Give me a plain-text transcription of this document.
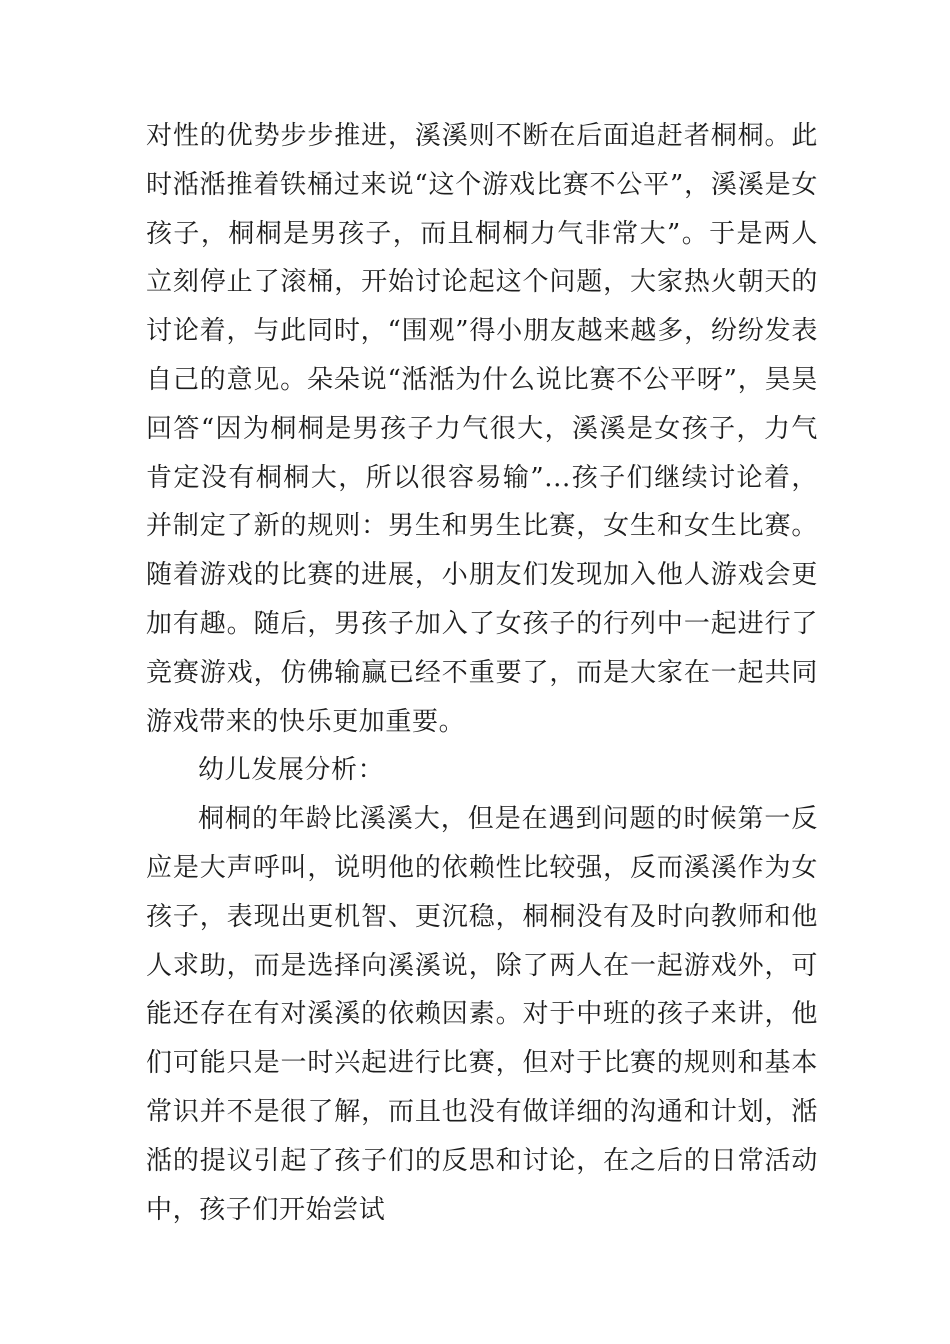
对性的优势步步推进，溪溪则不断在后面追赶者桐桐。此时湉湉推着铁桶过来说“这个游戏比赛不公平”，溪溪是女孩子，桐桐是男孩子，而且桐桐力气非常大”。于是两人立刻停止了滚桶，开始讨论起这个问题，大家热火朝天的讨论着，与此同时，“围观”得小朋友越来越多，纷纷发表自己的意见。朵朵说“湉湉为什么说比赛不公平呀”，昊昊回答“因为桐桐是男孩子力气很大，溪溪是女孩子，力气肯定没有桐桐大，所以很容易输”...孩子们继续讨论着，并制定了新的规则：男生和男生比赛，女生和女生比赛。随着游戏的比赛的进展，小朋友们发现加入他人游戏会更加有趣。随后，男孩子加入了女孩子的行列中一起进行了竞赛游戏，仿佛输赢已经不重要了，而是大家在一起共同游戏带来的快乐更加重要。

幼儿发展分析：

桐桐的年龄比溪溪大，但是在遇到问题的时候第一反应是大声呼叫，说明他的依赖性比较强，反而溪溪作为女孩子，表现出更机智、更沉稳，桐桐没有及时向教师和他人求助，而是选择向溪溪说，除了两人在一起游戏外，可能还存在有对溪溪的依赖因素。对于中班的孩子来讲，他们可能只是一时兴起进行比赛，但对于比赛的规则和基本常识并不是很了解，而且也没有做详细的沟通和计划，湉湉的提议引起了孩子们的反思和讨论，在之后的日常活动中，孩子们开始尝试
